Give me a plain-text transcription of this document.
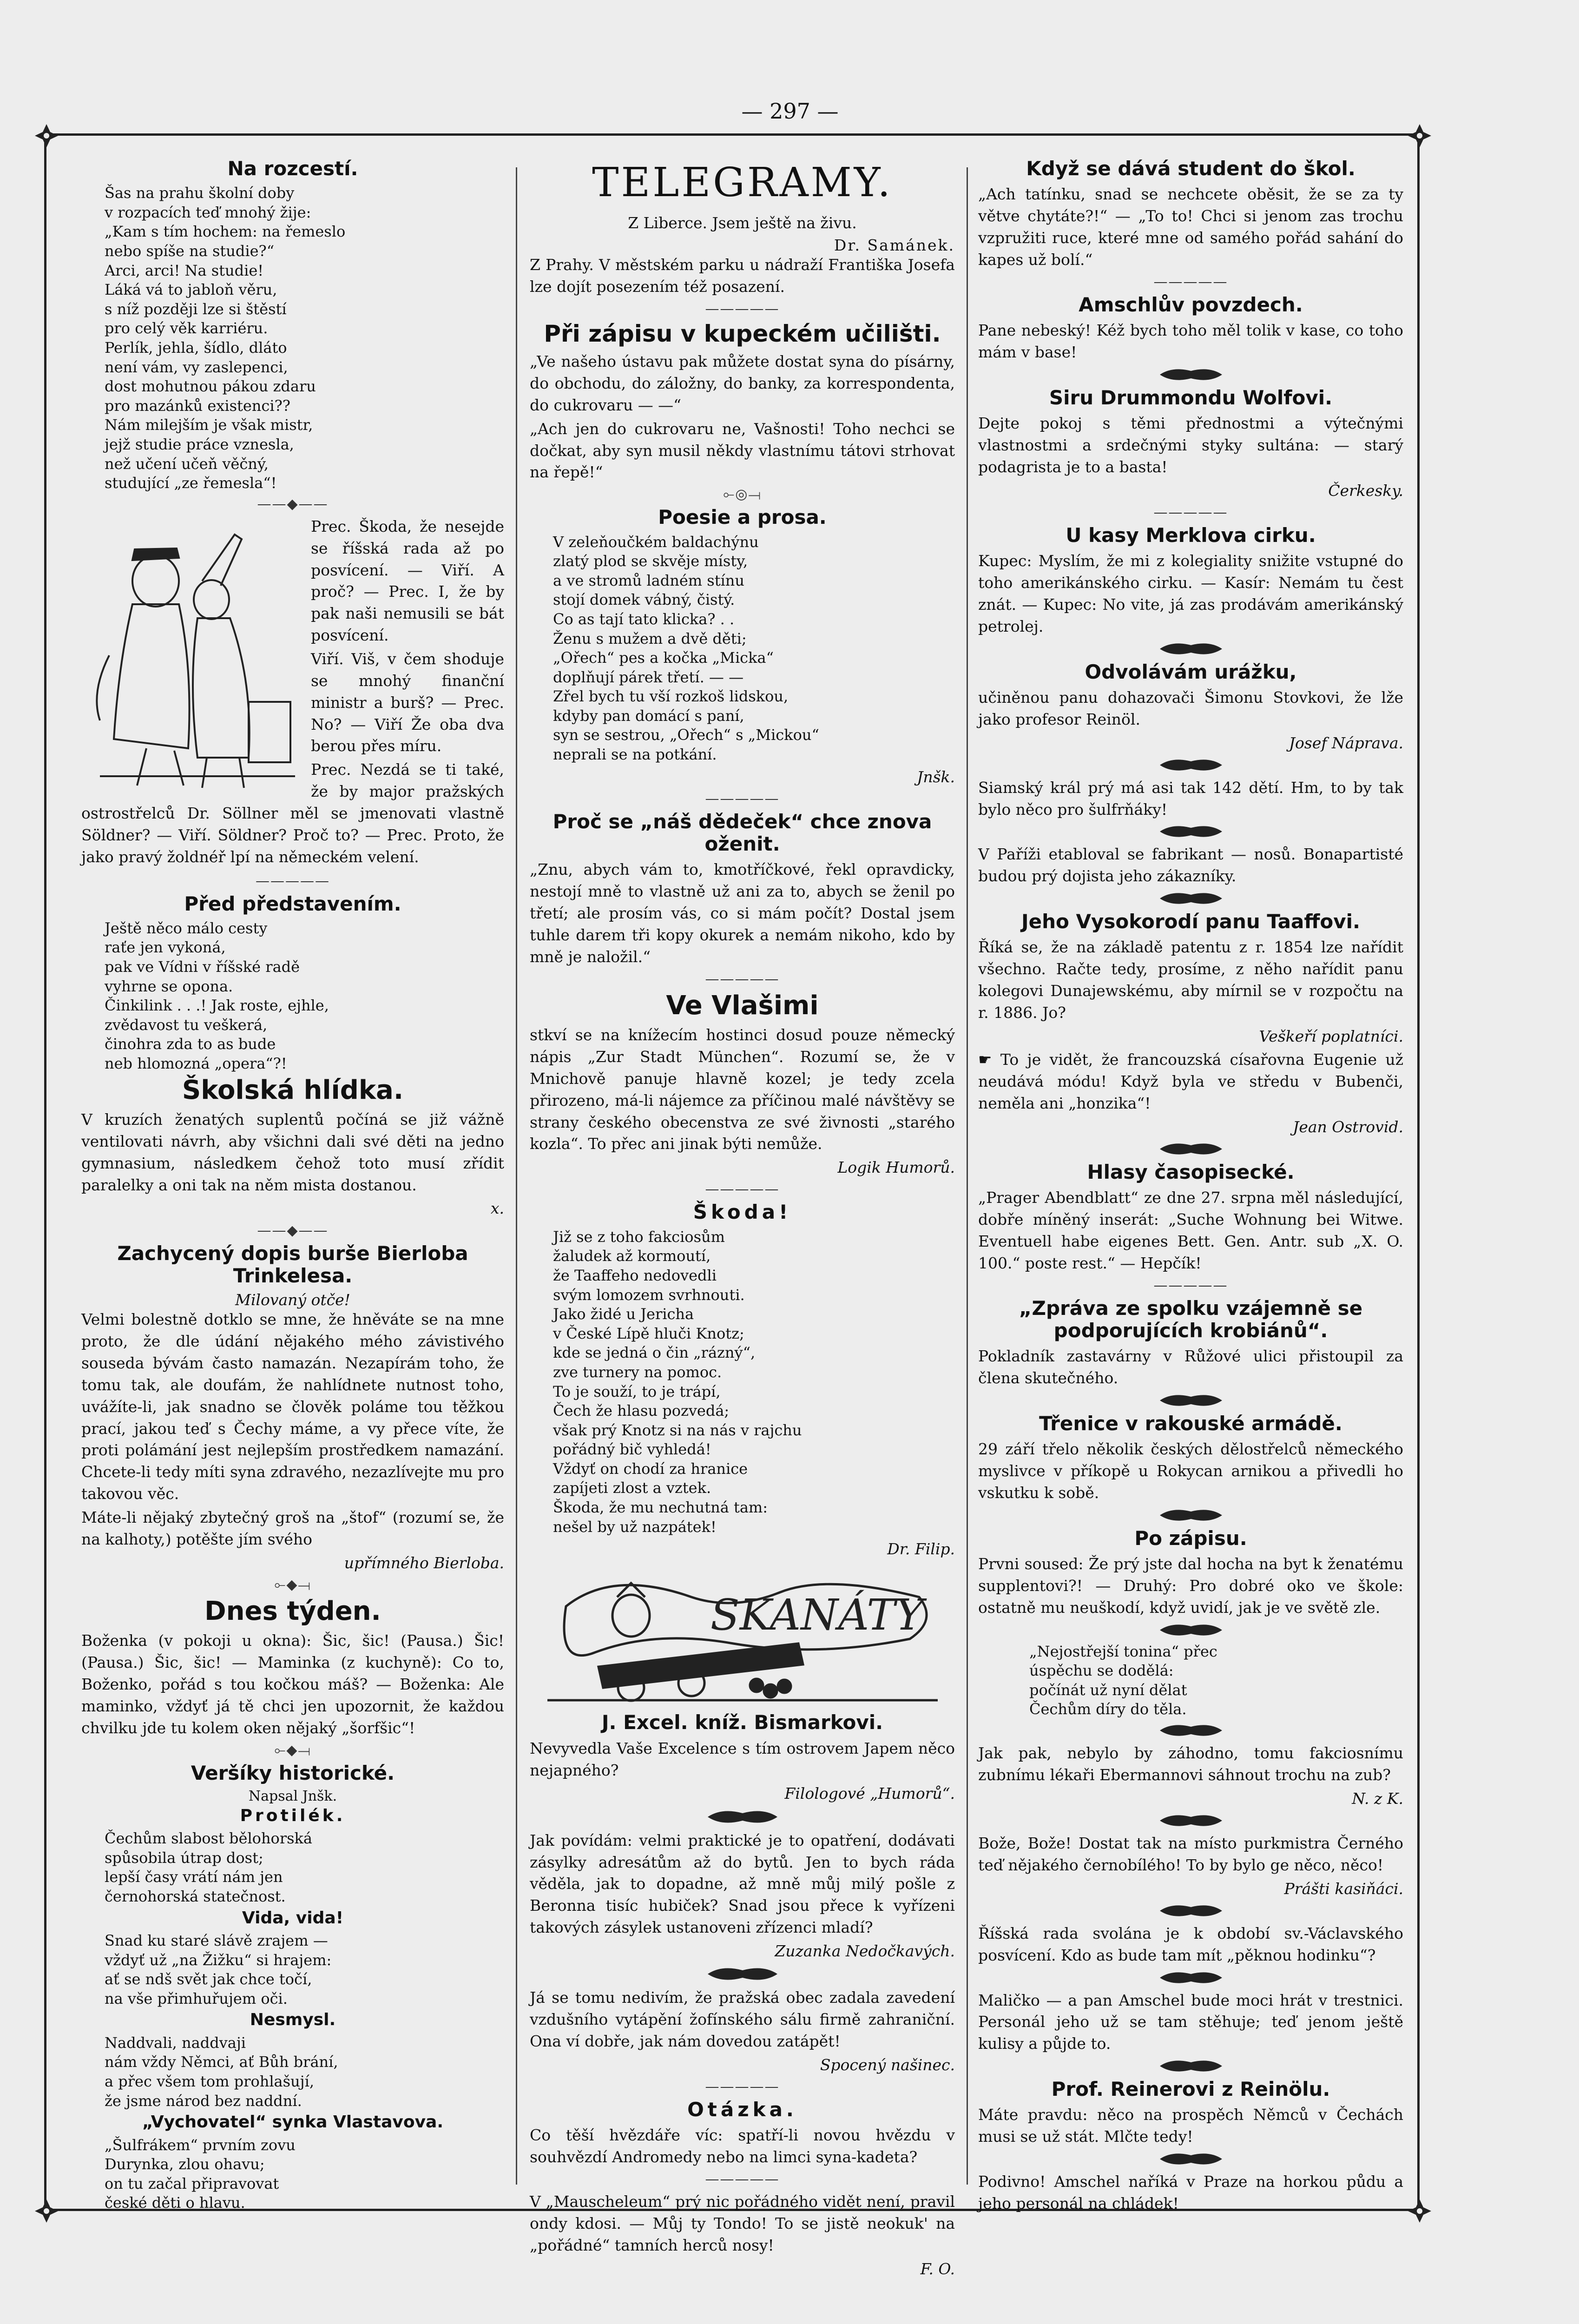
— 297 —
Na rozcestí.
Šas na prahu školní doby
v rozpacích teď mnohý žije:
„Kam s tím hochem: na řemeslo
nebo spíše na studie?“
Arci, arci! Na studie!
Láká vá to jabloň věru,
s níž později lze si štěstí
pro celý věk karriéru.
Perlík, jehla, šídlo, dláto
není vám, vy zaslepenci,
dost mohutnou pákou zdaru
pro mazánků existenci??
Nám milejším je však mistr,
jejž studie práce vznesla,
než učení učeň věčný,
studující „ze řemesla“!
——◆——

Prec. Škoda, že nesejde se říšská rada až po posvícení. — Viří. A proč? — Prec. I, že by pak naši nemusili se bát posvícení.

Viří. Viš, v čem shoduje se mnohý finanční ministr a burš? — Prec. No? — Viří Že oba dva berou přes míru.

Prec. Nezdá se ti také, že by major pražských ostrostřelců Dr. Söllner měl se jmenovati vlastně Söldner? — Viří. Söldner? Proč to? — Prec. Proto, že jako pravý žoldnéř lpí na německém velení.

—————
Před představením.
Ještě něco málo cesty
raťe jen vykoná,
pak ve Vídni v říšské radě
vyhrne se opona.
Činkilink . . .! Jak roste, ejhle,
zvědavost tu veškerá,
činohra zda to as bude
neb hlomozná „opera“?!
Školská hlídka.

V kruzích ženatých suplentů počíná se již vážně ventilovati návrh, aby všichni dali své děti na jedno gymnasium, následkem čehož toto musí zřídit paralelky a oni tak na něm mista dostanou.

x.
——◆——
Zachycený dopis burše Bierloba Trinkelesa.
Milovaný otče!

Velmi bolestně dotklo se mne, že hněváte se na mne proto, že dle údání nějakého mého závistivého souseda bývám často namazán. Nezapírám toho, že tomu tak, ale doufám, že nahlídnete nutnost toho, uvážíte-li, jak snadno se člověk poláme tou těžkou prací, jakou teď s Čechy máme, a vy přece víte, že proti polámání jest nejlepším prostředkem namazání. Chcete-li tedy míti syna zdravého, nezazlívejte mu pro takovou věc.

Máte-li nějaký zbytečný groš na „štof“ (rozumí se, že na kalhoty,) potěšte jím svého

upřímného Bierloba.
⟜◆⟞
Dnes týden.

Boženka (v pokoji u okna): Šic, šic! (Pausa.) Šic! (Pausa.) Šic, šic! — Maminka (z kuchyně): Co to, Boženko, pořád s tou kočkou máš? — Boženka: Ale maminko, vždyť já tě chci jen upozornit, že každou chvilku jde tu kolem oken nějaký „šorfšic“!

⟜◆⟞
Veršíky historické.
Napsal Jnšk.
Protilék.
Čechům slabost bělohorská
spůsobila útrap dost;
lepší časy vrátí nám jen
černohorská statečnost.
Vida, vida!
Snad ku staré slávě zrajem —
vždyť už „na Žižku“ si hrajem:
ať se ndš svět jak chce točí,
na vše přimhuřujem oči.
Nesmysl.
Naddvali, naddvaji
nám vždy Němci, ať Bůh brání,
a přec všem tom prohlašují,
že jsme národ bez naddní.
„Vychovatel“ synka Vlastavova.
„Šulfrákem“ prvním zovu
Durynka, zlou ohavu;
on tu začal připravovat
české děti o hlavu.
TELEGRAMY.

Z Liberce. Jsem ještě na živu.

Dr. Samánek.

Z Prahy. V městském parku u nádraží Františka Josefa lze dojít posezením též posazení.

—————
Při zápisu v kupeckém učilišti.

„Ve našeho ústavu pak můžete dostat syna do písárny, do obchodu, do záložny, do banky, za korrespondenta, do cukrovaru — —“

„Ach jen do cukrovaru ne, Vašnosti! Toho nechci se dočkat, aby syn musil někdy vlastnímu tátovi strhovat na řepě!“

⟜◎⟞
Poesie a prosa.
V zeleňoučkém baldachýnu
zlatý plod se skvěje místy,
a ve stromů ladném stínu
stojí domek vábný, čistý.
Co as tají tato klicka? . .
Ženu s mužem a dvě děti;
„Ořech“ pes a kočka „Micka“
doplňují párek třetí. — —
Zřel bych tu vší rozkoš lidskou,
kdyby pan domácí s paní,
syn se sestrou, „Ořech“ s „Mickou“
neprali se na potkání.
Jnšk.
—————
Proč se „náš dědeček“ chce znova oženit.

„Znu, abych vám to, kmotříčkové, řekl opravdicky, nestojí mně to vlastně už ani za to, abych se ženil po třetí; ale prosím vás, co si mám počít? Dostal jsem tuhle darem tři kopy okurek a nemám nikoho, kdo by mně je naložil.“

—————
Ve Vlašimi

stkví se na knížecím hostinci dosud pouze německý nápis „Zur Stadt München“. Rozumí se, že v Mnichově panuje hlavně kozel; je tedy zcela přirozeno, má-li nájemce za příčinou malé návštěvy se strany českého obecenstva ze své živnosti „starého kozla“. To přec ani jinak býti nemůže.

Logik Humorů.
—————
Škoda!
Již se z toho fakciosům
žaludek až kormoutí,
že Taaffeho nedovedli
svým lomozem svrhnouti.
Jako židé u Jericha
v České Lípě hluči Knotz;
kde se jedná o čin „rázný“,
zve turnery na pomoc.
To je souží, to je trápí,
Čech že hlasu pozvedá;
však prý Knotz si na nás v rajchu
pořádný bič vyhledá!
Vždyť on chodí za hranice
zapíjeti zlost a vztek.
Škoda, že mu nechutná tam:
nešel by už nazpátek!
Dr. Filip.
SKANÁTY
J. Excel. kníž. Bismarkovi.

Nevyvedla Vaše Excelence s tím ostrovem Japem něco nejapného?

Filologové „Humorů“.

Jak povídám: velmi praktické je to opatření, dodávati zásylky adresátům až do bytů. Jen to bych ráda věděla, jak to dopadne, až mně můj milý pošle z Beronna tisíc hubiček? Snad jsou přece k vyřízeni takových zásylek ustanoveni zřízenci mladí?

Zuzanka Nedočkavých.

Já se tomu nedivím, že pražská obec zadala zavedení vzdušního vytápění žofínského sálu firmě zahraniční. Ona ví dobře, jak nám dovedou zatápět!

Spocený našinec.
—————
Otázka.

Co těší hvězdáře víc: spatří-li novou hvězdu v souhvězdí Andromedy nebo na limci syna-kadeta?

—————

V „Mauscheleum“ prý nic pořádného vidět není, pravil ondy kdosi. — Můj ty Tondo! To se jistě neokuk' na „pořádné“ tamních herců nosy!

F. O.
Když se dává student do škol.

„Ach tatínku, snad se nechcete oběsit, že se za ty větve chytáte?!“ — „To to! Chci si jenom zas trochu vzpružiti ruce, které mne od samého pořád sahání do kapes už bolí.“

—————
Amschlův povzdech.

Pane nebeský! Kéž bych toho měl tolik v kase, co toho mám v base!

Siru Drummondu Wolfovi.

Dejte pokoj s těmi přednostmi a výtečnými vlastnostmi a srdečnými styky sultána: — starý podagrista je to a basta!

Čerkesky.
—————
U kasy Merklova cirku.

Kupec: Myslím, že mi z kolegiality snižite vstupné do toho amerikánského cirku. — Kasír: Nemám tu čest znát. — Kupec: No vite, já zas prodávám amerikánský petrolej.

Odvolávám urážku,

učiněnou panu dohazovači Šimonu Stovkovi, že lže jako profesor Reinöl.

Josef Náprava.

Siamský král prý má asi tak 142 dětí. Hm, to by tak bylo něco pro šulfrňáky!

V Paříži etabloval se fabrikant — nosů. Bonapartisté budou prý dojista jeho zákazníky.

Jeho Vysokorodí panu Taaffovi.

Říká se, že na základě patentu z r. 1854 lze nařídit všechno. Račte tedy, prosíme, z něho nařídit panu kolegovi Dunajewskému, aby mírnil se v rozpočtu na r. 1886. Jo?

Veškeří poplatníci.

☛ To je vidět, že francouzská císařovna Eugenie už neudává módu! Když byla ve středu v Bubenči, neměla ani „honzika“!

Jean Ostrovid.
Hlasy časopisecké.

„Prager Abendblatt“ ze dne 27. srpna měl následující, dobře míněný inserát: „Suche Wohnung bei Witwe. Eventuell habe eigenes Bett. Gen. Antr. sub „X. O. 100.“ poste rest.“ — Hepčík!

—————
„Zpráva ze spolku vzájemně se podporujících krobiánů“.

Pokladník zastavárny v Růžové ulici přistoupil za člena skutečného.

Třenice v rakouské armádě.

29 září třelo několik českých dělostřelců německého myslivce v příkopě u Rokycan arnikou a přivedli ho vskutku k sobě.

Po zápisu.

Prvni soused: Že prý jste dal hocha na byt k ženatému supplentovi?! — Druhý: Pro dobré oko ve škole: ostatně mu neuškodí, když uvidí, jak je ve světě zle.

„Nejostřejší tonina“ přec
úspěchu se dodělá:
počínát už nyní dělat
Čechům díry do těla.

Jak pak, nebylo by záhodno, tomu fakciosnímu zubnímu lékaři Ebermannovi sáhnout trochu na zub?

N. z K.

Bože, Bože! Dostat tak na místo purkmistra Černého teď nějakého černobílého! To by bylo ge něco, něco!

Prášti kasiňáci.

Říšská rada svolána je k období sv.-Václavského posvícení. Kdo as bude tam mít „pěknou hodinku“?

Maličko — a pan Amschel bude moci hrát v trestnici. Personál jeho už se tam stěhuje; teď jenom ještě kulisy a půjde to.

Prof. Reinerovi z Reinölu.

Máte pravdu: něco na prospěch Němců v Čechách musi se už stát. Mlčte tedy!

Podivno! Amschel naříká v Praze na horkou půdu a jeho personál na chládek!
